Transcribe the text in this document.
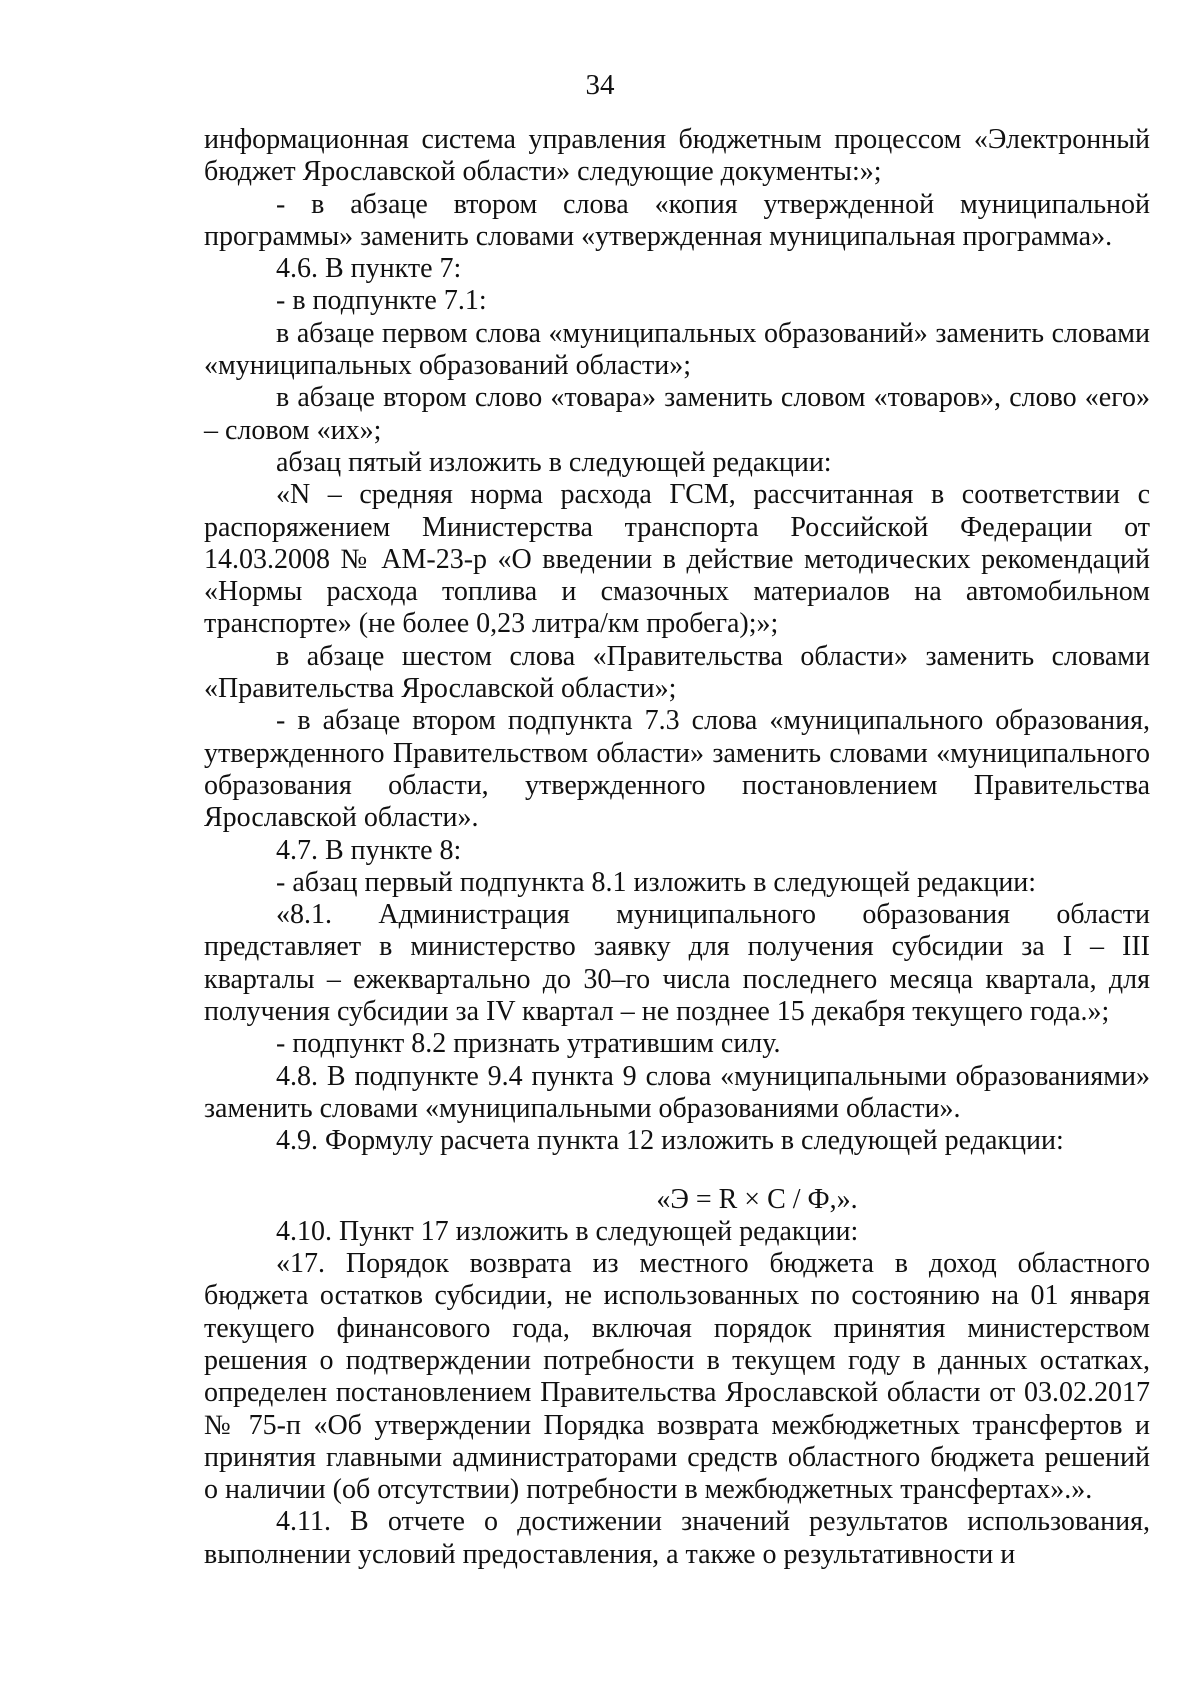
34

информационная система управления бюджетным процессом «Электронный бюджет Ярославской области» следующие документы:»;

- в абзаце втором слова «копия утвержденной муниципальной программы» заменить словами «утвержденная муниципальная программа».

4.6. В пункте 7:

- в подпункте 7.1:

в абзаце первом слова «муниципальных образований» заменить словами «муниципальных образований области»;

в абзаце втором слово «товара» заменить словом «товаров», слово «его» – словом «их»;

абзац пятый изложить в следующей редакции:

«N – средняя норма расхода ГСМ, рассчитанная в соответствии с распоряжением Министерства транспорта Российской Федерации от 14.03.2008 № АМ-23-р «О введении в действие методических рекомендаций «Нормы расхода топлива и смазочных материалов на автомобильном транспорте» (не более 0,23 литра/км пробега);»;

в абзаце шестом слова «Правительства области» заменить словами «Правительства Ярославской области»;

- в абзаце втором подпункта 7.3 слова «муниципального образования, утвержденного Правительством области» заменить словами «муниципального образования области, утвержденного постановлением Правительства Ярославской области».

4.7. В пункте 8:

- абзац первый подпункта 8.1 изложить в следующей редакции:

«8.1. Администрация муниципального образования области представляет в министерство заявку для получения субсидии за I – III кварталы – ежеквартально до 30–го числа последнего месяца квартала, для получения субсидии за IV квартал – не позднее 15 декабря текущего года.»;

- подпункт 8.2 признать утратившим силу.

4.8. В подпункте 9.4 пункта 9 слова «муниципальными образованиями» заменить словами «муниципальными образованиями области».

4.9. Формулу расчета пункта 12 изложить в следующей редакции:

«Э = R × C / Ф,».

4.10. Пункт 17 изложить в следующей редакции:

«17. Порядок возврата из местного бюджета в доход областного бюджета остатков субсидии, не использованных по состоянию на 01 января текущего финансового года, включая порядок принятия министерством решения о подтверждении потребности в текущем году в данных остатках, определен постановлением Правительства Ярославской области от 03.02.2017 № 75-п «Об утверждении Порядка возврата межбюджетных трансфертов и принятия главными администраторами средств областного бюджета решений о наличии (об отсутствии) потребности в межбюджетных трансфертах».».

4.11. В отчете о достижении значений результатов использования, выполнении условий предоставления, а также о результативности и
